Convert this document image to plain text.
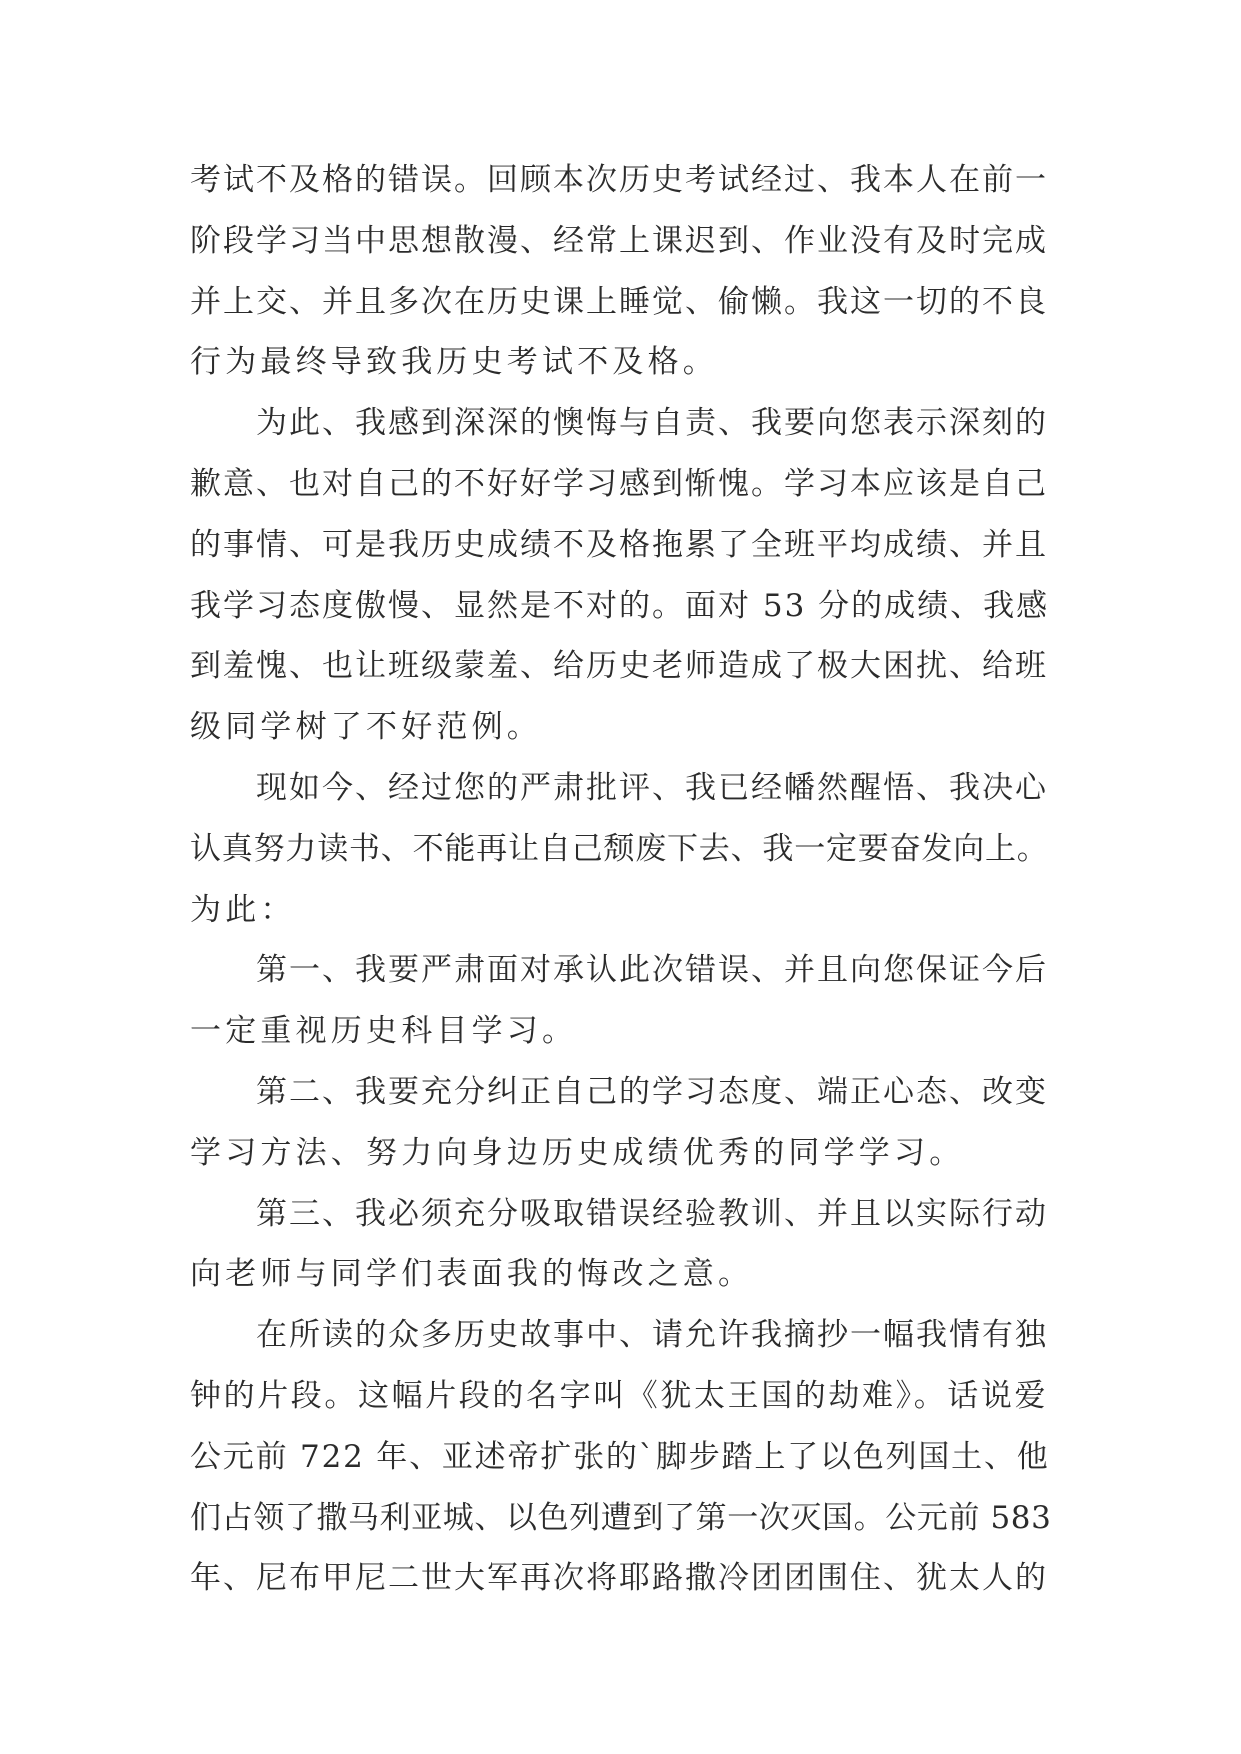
考试不及格的错误。回顾本次历史考试经过、我本人在前一
阶段学习当中思想散漫、经常上课迟到、作业没有及时完成
并上交、并且多次在历史课上睡觉、偷懒。我这一切的不良
行为最终导致我历史考试不及格。
　　为此、我感到深深的懊悔与自责、我要向您表示深刻的
歉意、也对自己的不好好学习感到惭愧。学习本应该是自己
的事情、可是我历史成绩不及格拖累了全班平均成绩、并且
我学习态度傲慢、显然是不对的。面对 53 分的成绩、我感
到羞愧、也让班级蒙羞、给历史老师造成了极大困扰、给班
级同学树了不好范例。
　　现如今、经过您的严肃批评、我已经幡然醒悟、我决心
认真努力读书、不能再让自己颓废下去、我一定要奋发向上。
为此：
　　第一、我要严肃面对承认此次错误、并且向您保证今后
一定重视历史科目学习。
　　第二、我要充分纠正自己的学习态度、端正心态、改变
学习方法、努力向身边历史成绩优秀的同学学习。
　　第三、我必须充分吸取错误经验教训、并且以实际行动
向老师与同学们表面我的悔改之意。
　　在所读的众多历史故事中、请允许我摘抄一幅我情有独
钟的片段。这幅片段的名字叫《犹太王国的劫难》。话说爱
公元前 722 年、亚述帝扩张的`脚步踏上了以色列国土、他
们占领了撒马利亚城、以色列遭到了第一次灭国。公元前 583
年、尼布甲尼二世大军再次将耶路撒冷团团围住、犹太人的
